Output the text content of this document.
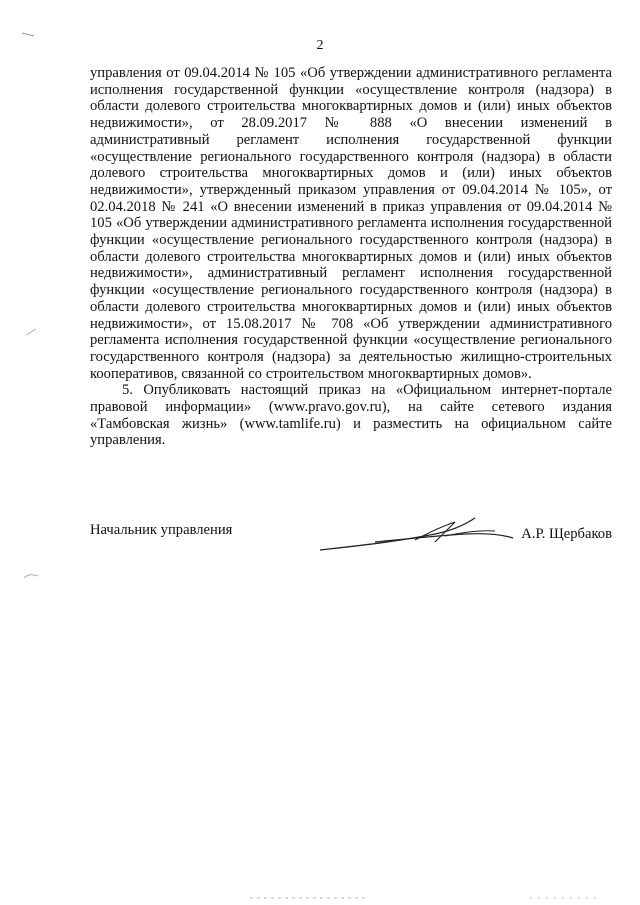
2

управления от 09.04.2014 № 105 «Об утверждении административного регламента исполнения государственной функции «осуществление контроля (надзора) в области долевого строительства многоквартирных домов и (или) иных объектов недвижимости», от 28.09.2017 № 888 «О внесении изменений в административный регламент исполнения государственной функции «осуществление регионального государственного контроля (надзора) в области долевого строительства многоквартирных домов и (или) иных объектов недвижимости», утвержденный приказом управления от 09.04.2014 № 105», от 02.04.2018 № 241 «О внесении изменений в приказ управления от 09.04.2014 № 105 «Об утверждении административного регламента исполнения государственной функции «осуществление регионального государственного контроля (надзора) в области долевого строительства многоквартирных домов и (или) иных объектов недвижимости», административный регламент исполнения государственной функции «осуществление регионального государственного контроля (надзора) в области долевого строительства многоквартирных домов и (или) иных объектов недвижимости», от 15.08.2017 № 708 «Об утверждении административного регламента исполнения государственной функции «осуществление регионального государственного контроля (надзора) за деятельностью жилищно-строительных кооперативов, связанной со строительством многоквартирных домов».

5. Опубликовать настоящий приказ на «Официальном интернет-портале правовой информации» (www.pravo.gov.ru), на сайте сетевого издания «Тамбовская жизнь» (www.tamlife.ru) и разместить на официальном сайте управления.

Начальник управления	А.Р. Щербаков
